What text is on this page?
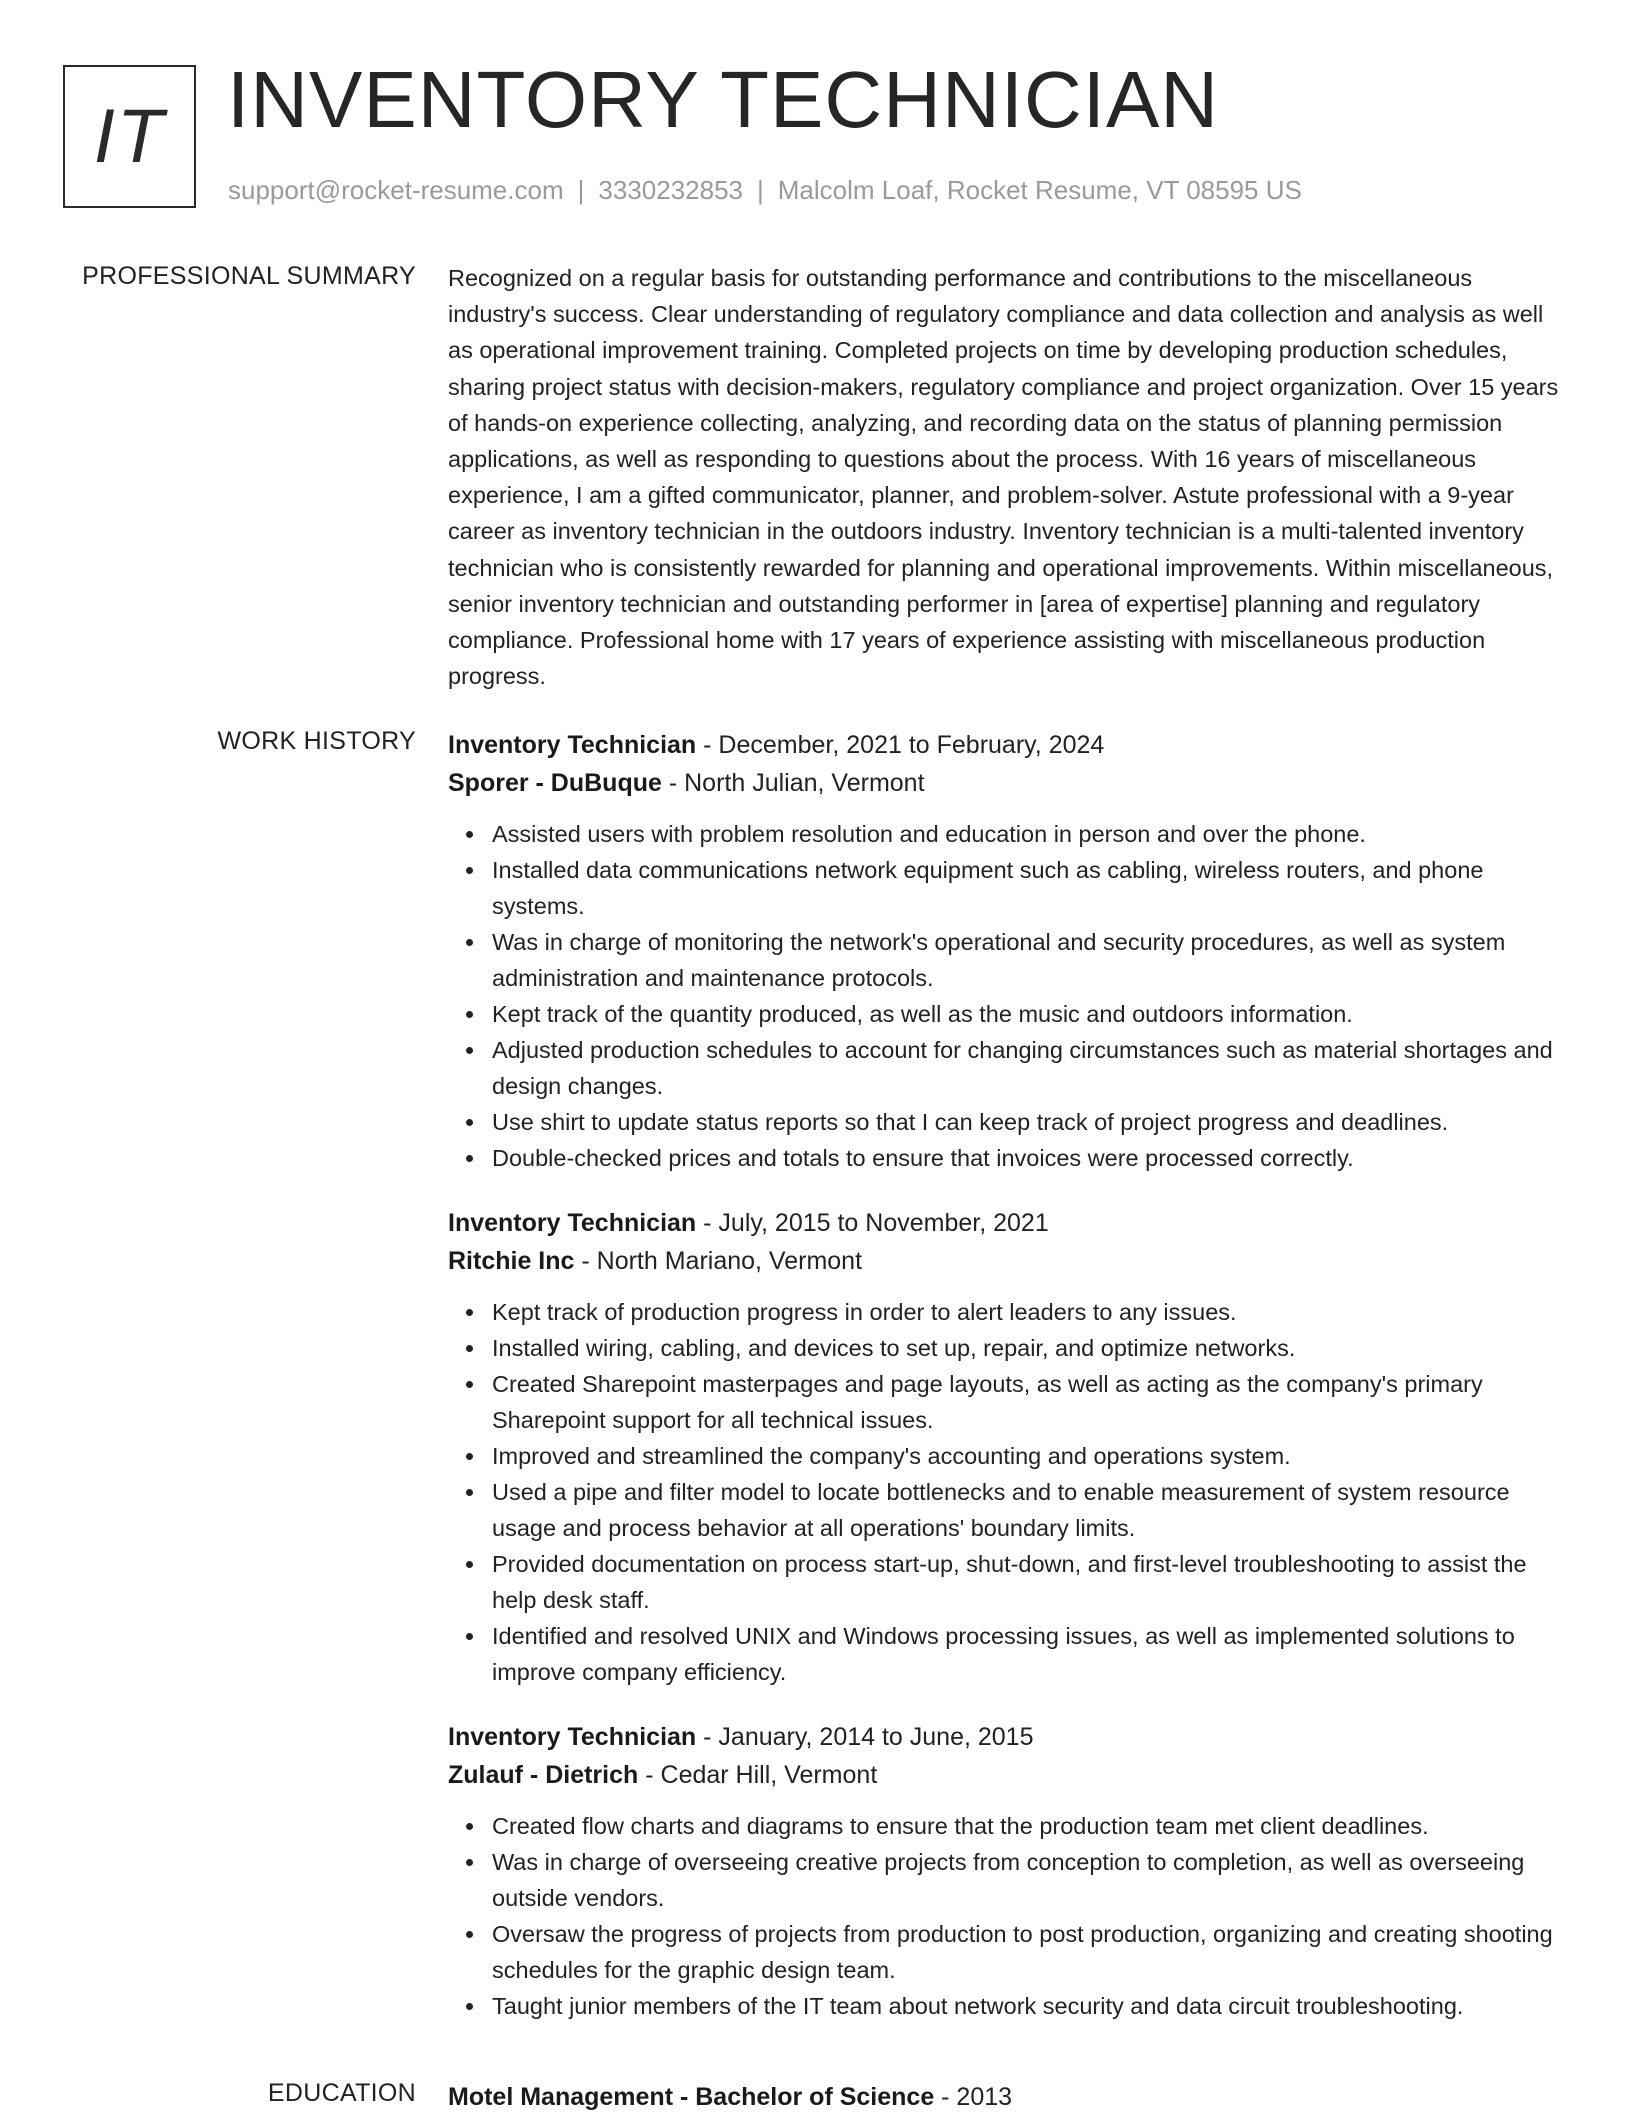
IT INVENTORY TECHNICIAN
support@rocket-resume.com | 3330232853 | Malcolm Loaf, Rocket Resume, VT 08595 US
PROFESSIONAL SUMMARY Recognized on a regular basis for outstanding performance and contributions to the miscellaneous industry's success. Clear understanding of regulatory compliance and data collection and analysis as well as operational improvement training. Completed projects on time by developing production schedules, sharing project status with decision-makers, regulatory compliance and project organization. Over 15 years of hands-on experience collecting, analyzing, and recording data on the status of planning permission applications, as well as responding to questions about the process. With 16 years of miscellaneous experience, I am a gifted communicator, planner, and problem-solver. Astute professional with a 9-year career as inventory technician in the outdoors industry. Inventory technician is a multi-talented inventory technician who is consistently rewarded for planning and operational improvements. Within miscellaneous, senior inventory technician and outstanding performer in [area of expertise] planning and regulatory compliance. Professional home with 17 years of experience assisting with miscellaneous production progress.
WORK HISTORY Inventory Technician - December, 2021 to February, 2024
Sporer - DuBuque - North Julian, Vermont
Assisted users with problem resolution and education in person and over the phone.
Installed data communications network equipment such as cabling, wireless routers, and phone systems.
Was in charge of monitoring the network's operational and security procedures, as well as system administration and maintenance protocols.
Kept track of the quantity produced, as well as the music and outdoors information.
Adjusted production schedules to account for changing circumstances such as material shortages and design changes.
Use shirt to update status reports so that I can keep track of project progress and deadlines.
Double-checked prices and totals to ensure that invoices were processed correctly.
Inventory Technician - July, 2015 to November, 2021
Ritchie Inc - North Mariano, Vermont
Kept track of production progress in order to alert leaders to any issues.
Installed wiring, cabling, and devices to set up, repair, and optimize networks.
Created Sharepoint masterpages and page layouts, as well as acting as the company's primary Sharepoint support for all technical issues.
Improved and streamlined the company's accounting and operations system.
Used a pipe and filter model to locate bottlenecks and to enable measurement of system resource usage and process behavior at all operations' boundary limits.
Provided documentation on process start-up, shut-down, and first-level troubleshooting to assist the help desk staff.
Identified and resolved UNIX and Windows processing issues, as well as implemented solutions to improve company efficiency.
Inventory Technician - January, 2014 to June, 2015
Zulauf - Dietrich - Cedar Hill, Vermont
Created flow charts and diagrams to ensure that the production team met client deadlines.
Was in charge of overseeing creative projects from conception to completion, as well as overseeing outside vendors.
Oversaw the progress of projects from production to post production, organizing and creating shooting schedules for the graphic design team.
Taught junior members of the IT team about network security and data circuit troubleshooting.
EDUCATION Motel Management - Bachelor of Science - 2013
